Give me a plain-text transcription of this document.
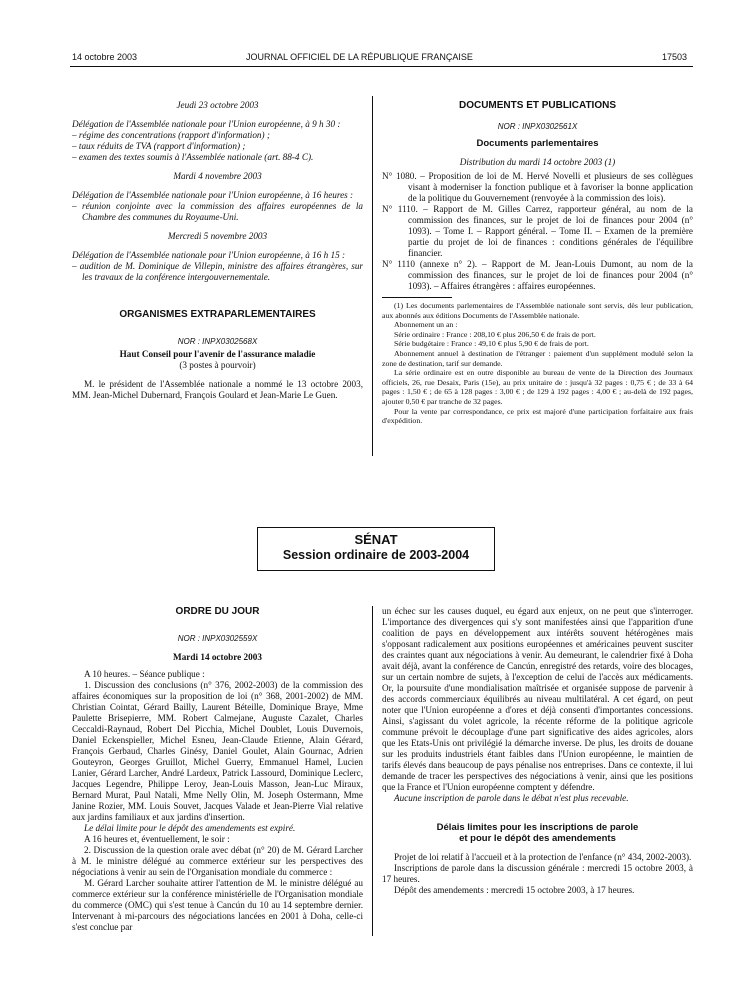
14 octobre 2003	JOURNAL OFFICIEL DE LA RÉPUBLIQUE FRANÇAISE	17503

Jeudi 23 octobre 2003

Délégation de l'Assemblée nationale pour l'Union européenne, à 9 h 30 :

– régime des concentrations (rapport d'information) ;

– taux réduits de TVA (rapport d'information) ;

– examen des textes soumis à l'Assemblée nationale (art. 88-4 C).

Mardi 4 novembre 2003

Délégation de l'Assemblée nationale pour l'Union européenne, à 16 heures :

– réunion conjointe avec la commission des affaires européennes de la Chambre des communes du Royaume-Uni.

Mercredi 5 novembre 2003

Délégation de l'Assemblée nationale pour l'Union européenne, à 16 h 15 :

– audition de M. Dominique de Villepin, ministre des affaires étrangères, sur les travaux de la conférence intergouvernementale.

ORGANISMES EXTRAPARLEMENTAIRES

NOR : INPX0302568X

Haut Conseil pour l'avenir de l'assurance maladie

(3 postes à pourvoir)

M. le président de l'Assemblée nationale a nommé le 13 octobre 2003, MM. Jean-Michel Dubernard, François Goulard et Jean-Marie Le Guen.

DOCUMENTS ET PUBLICATIONS

NOR : INPX0302561X

Documents parlementaires

Distribution du mardi 14 octobre 2003 (1)

N° 1080. – Proposition de loi de M. Hervé Novelli et plusieurs de ses collègues visant à moderniser la fonction publique et à favoriser la bonne application de la politique du Gouvernement (renvoyée à la commission des lois).

N° 1110. – Rapport de M. Gilles Carrez, rapporteur général, au nom de la commission des finances, sur le projet de loi de finances pour 2004 (n° 1093). – Tome I. – Rapport général. – Tome II. – Examen de la première partie du projet de loi de finances : conditions générales de l'équilibre financier.

N° 1110 (annexe n° 2). – Rapport de M. Jean-Louis Dumont, au nom de la commission des finances, sur le projet de loi de finances pour 2004 (n° 1093). – Affaires étrangères : affaires européennes.

(1) Les documents parlementaires de l'Assemblée nationale sont servis, dès leur publication, aux abonnés aux éditions Documents de l'Assemblée nationale.

Abonnement un an :

Série ordinaire : France : 208,10 € plus 206,50 € de frais de port.

Série budgétaire : France : 49,10 € plus 5,90 € de frais de port.

Abonnement annuel à destination de l'étranger : paiement d'un supplément modulé selon la zone de destination, tarif sur demande.

La série ordinaire est en outre disponible au bureau de vente de la Direction des Journaux officiels, 26, rue Desaix, Paris (15e), au prix unitaire de : jusqu'à 32 pages : 0,75 € ; de 33 à 64 pages : 1,50 € ; de 65 à 128 pages : 3,00 € ; de 129 à 192 pages : 4,00 € ; au-delà de 192 pages, ajouter 0,50 € par tranche de 32 pages.

Pour la vente par correspondance, ce prix est majoré d'une participation forfaitaire aux frais d'expédition.

SÉNAT
Session ordinaire de 2003-2004

ORDRE DU JOUR

NOR : INPX0302559X

Mardi 14 octobre 2003

A 10 heures. – Séance publique :

1. Discussion des conclusions (n° 376, 2002-2003) de la commission des affaires économiques sur la proposition de loi (n° 368, 2001-2002) de MM. Christian Cointat, Gérard Bailly, Laurent Béteille, Dominique Braye, Mme Paulette Brisepierre, MM. Robert Calmejane, Auguste Cazalet, Charles Ceccaldi-Raynaud, Robert Del Picchia, Michel Doublet, Louis Duvernois, Daniel Eckenspieller, Michel Esneu, Jean-Claude Etienne, Alain Gérard, François Gerbaud, Charles Ginésy, Daniel Goulet, Alain Gournac, Adrien Gouteyron, Georges Gruillot, Michel Guerry, Emmanuel Hamel, Lucien Lanier, Gérard Larcher, André Lardeux, Patrick Lassourd, Dominique Leclerc, Jacques Legendre, Philippe Leroy, Jean-Louis Masson, Jean-Luc Miraux, Bernard Murat, Paul Natali, Mme Nelly Olin, M. Joseph Ostermann, Mme Janine Rozier, MM. Louis Souvet, Jacques Valade et Jean-Pierre Vial relative aux jardins familiaux et aux jardins d'insertion.

Le délai limite pour le dépôt des amendements est expiré.

A 16 heures et, éventuellement, le soir :

2. Discussion de la question orale avec débat (n° 20) de M. Gérard Larcher à M. le ministre délégué au commerce extérieur sur les perspectives des négociations à venir au sein de l'Organisation mondiale du commerce :

M. Gérard Larcher souhaite attirer l'attention de M. le ministre délégué au commerce extérieur sur la conférence ministérielle de l'Organisation mondiale du commerce (OMC) qui s'est tenue à Cancún du 10 au 14 septembre dernier. Intervenant à mi-parcours des négociations lancées en 2001 à Doha, celle-ci s'est conclue par

un échec sur les causes duquel, eu égard aux enjeux, on ne peut que s'interroger. L'importance des divergences qui s'y sont manifestées ainsi que l'apparition d'une coalition de pays en développement aux intérêts souvent hétérogènes mais s'opposant radicalement aux positions européennes et américaines peuvent susciter des craintes quant aux négociations à venir. Au demeurant, le calendrier fixé à Doha avait déjà, avant la conférence de Cancún, enregistré des retards, voire des blocages, sur un certain nombre de sujets, à l'exception de celui de l'accès aux médicaments. Or, la poursuite d'une mondialisation maîtrisée et organisée suppose de parvenir à des accords commerciaux équilibrés au niveau multilatéral. A cet égard, on peut noter que l'Union européenne a d'ores et déjà consenti d'importantes concessions. Ainsi, s'agissant du volet agricole, la récente réforme de la politique agricole commune prévoit le découplage d'une part significative des aides agricoles, alors que les Etats-Unis ont privilégié la démarche inverse. De plus, les droits de douane sur les produits industriels étant faibles dans l'Union européenne, le maintien de tarifs élevés dans beaucoup de pays pénalise nos entreprises. Dans ce contexte, il lui demande de tracer les perspectives des négociations à venir, ainsi que les positions que la France et l'Union européenne comptent y défendre.

Aucune inscription de parole dans le débat n'est plus recevable.

Délais limites pour les inscriptions de parole

et pour le dépôt des amendements

Projet de loi relatif à l'accueil et à la protection de l'enfance (n° 434, 2002-2003).

Inscriptions de parole dans la discussion générale : mercredi 15 octobre 2003, à 17 heures.

Dépôt des amendements : mercredi 15 octobre 2003, à 17 heures.
